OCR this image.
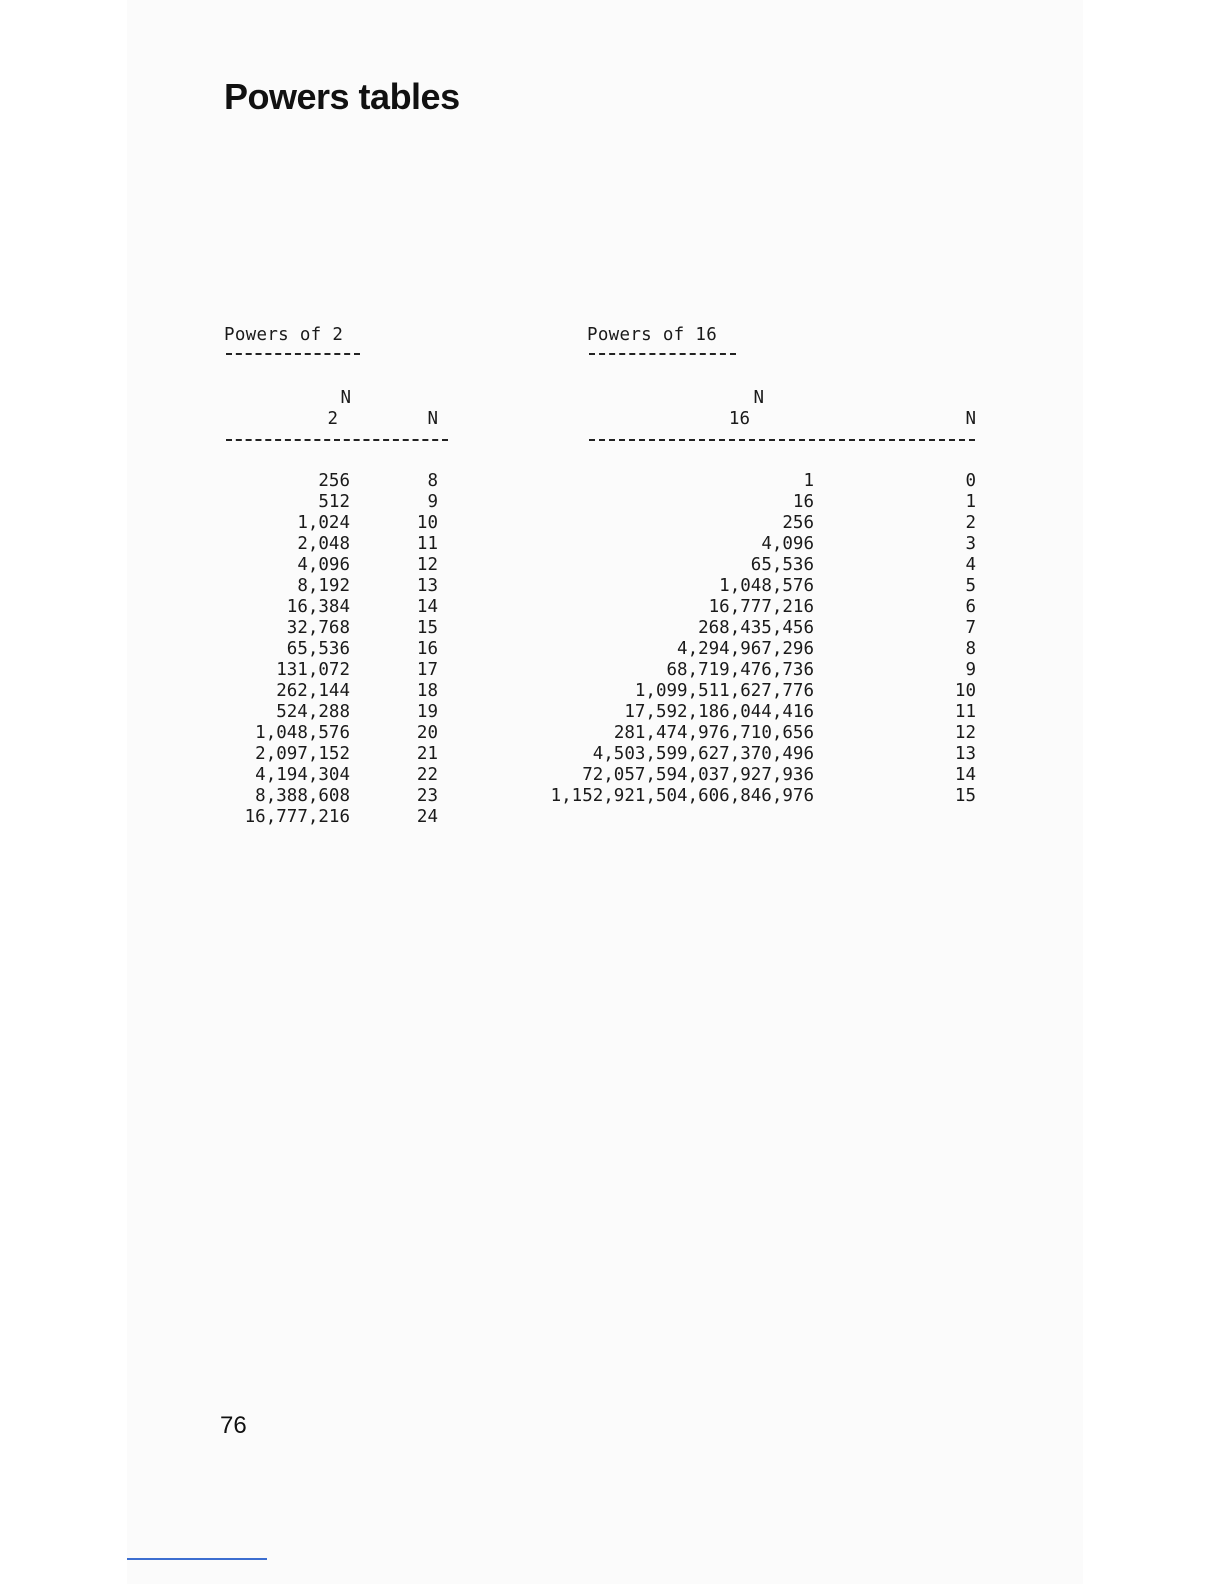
Powers tables
Powers of 2
N
2	N
256
512
1,024
2,048
4,096
8,192
16,384
32,768
65,536
131,072
262,144
524,288
1,048,576
2,097,152
4,194,304
8,388,608
16,777,216
8
9
10
11
12
13
14
15
16
17
18
19
20
21
22
23
24
Powers of 16
N
16	N
1
16
256
4,096
65,536
1,048,576
16,777,216
268,435,456
4,294,967,296
68,719,476,736
1,099,511,627,776
17,592,186,044,416
281,474,976,710,656
4,503,599,627,370,496
72,057,594,037,927,936
1,152,921,504,606,846,976
0
1
2
3
4
5
6
7
8
9
10
11
12
13
14
15
76
